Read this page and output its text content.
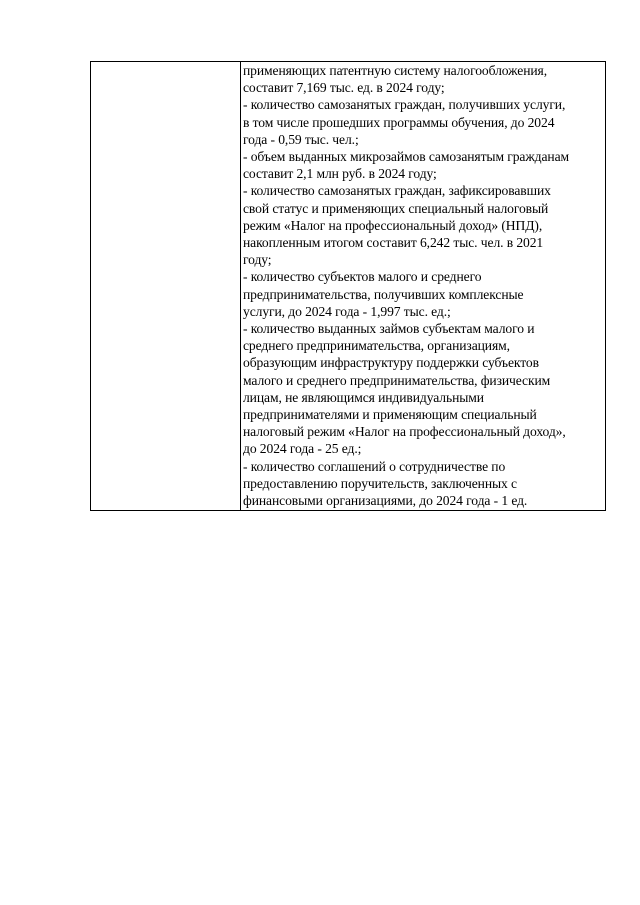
применяющих патентную систему налогообложения,
составит 7,169 тыс. ед. в 2024 году;
- количество самозанятых граждан, получивших услуги,
в том числе прошедших программы обучения, до 2024
года - 0,59 тыс. чел.;
- объем выданных микрозаймов самозанятым гражданам
составит 2,1 млн руб. в 2024 году;
- количество самозанятых граждан, зафиксировавших
свой статус и применяющих специальный налоговый
режим «Налог на профессиональный доход» (НПД),
накопленным итогом составит 6,242 тыс. чел. в 2021
году;
- количество субъектов малого и среднего
предпринимательства, получивших комплексные
услуги, до 2024 года - 1,997 тыс. ед.;
- количество выданных займов субъектам малого и
среднего предпринимательства, организациям,
образующим инфраструктуру поддержки субъектов
малого и среднего предпринимательства, физическим
лицам, не являющимся индивидуальными
предпринимателями и применяющим специальный
налоговый режим «Налог на профессиональный доход»,
до 2024 года - 25 ед.;
- количество соглашений о сотрудничестве по
предоставлению поручительств, заключенных с
финансовыми организациями, до 2024 года - 1 ед.
